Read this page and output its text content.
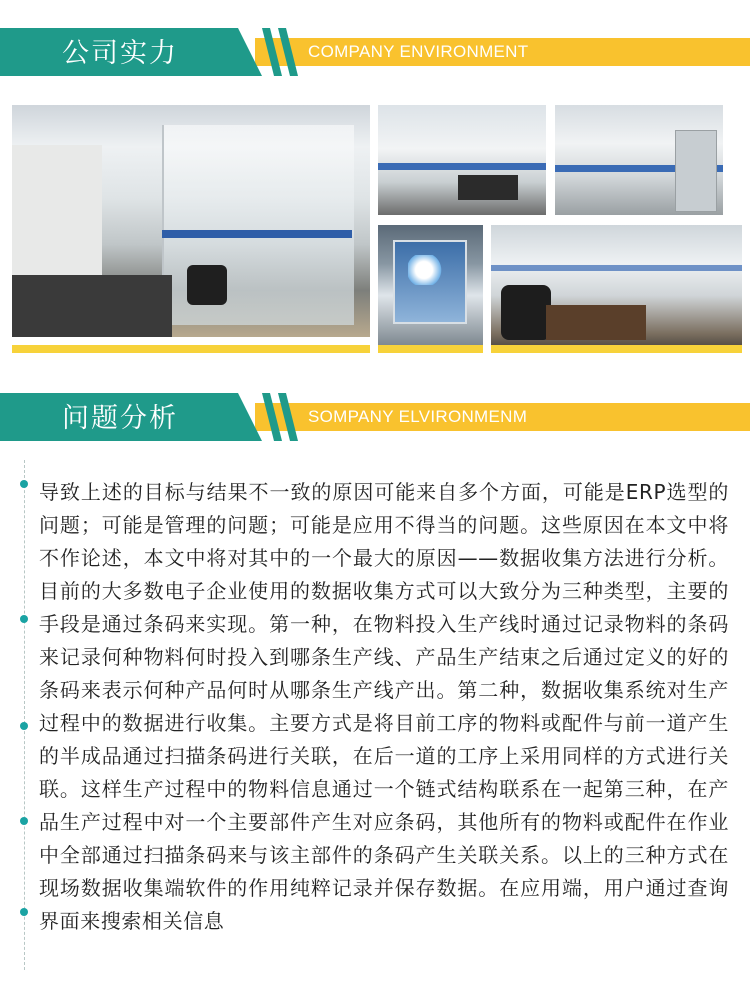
公司实力	COMPANY ENVIRONMENT
问题分析	SOMPANY ELVIRONMENM

导致上述的目标与结果不一致的原因可能来自多个方面，可能是ERP选型的问题；可能是管理的问题；可能是应用不得当的问题。这些原因在本文中将不作论述，本文中将对其中的一个最大的原因——数据收集方法进行分析。目前的大多数电子企业使用的数据收集方式可以大致分为三种类型，主要的手段是通过条码来实现。第一种，在物料投入生产线时通过记录物料的条码来记录何种物料何时投入到哪条生产线、产品生产结束之后通过定义的好的条码来表示何种产品何时从哪条生产线产出。第二种，数据收集系统对生产过程中的数据进行收集。主要方式是将目前工序的物料或配件与前一道产生的半成品通过扫描条码进行关联，在后一道的工序上采用同样的方式进行关联。这样生产过程中的物料信息通过一个链式结构联系在一起第三种，在产品生产过程中对一个主要部件产生对应条码，其他所有的物料或配件在作业中全部通过扫描条码来与该主部件的条码产生关联关系。以上的三种方式在现场数据收集端软件的作用纯粹记录并保存数据。在应用端，用户通过查询界面来搜索相关信息
